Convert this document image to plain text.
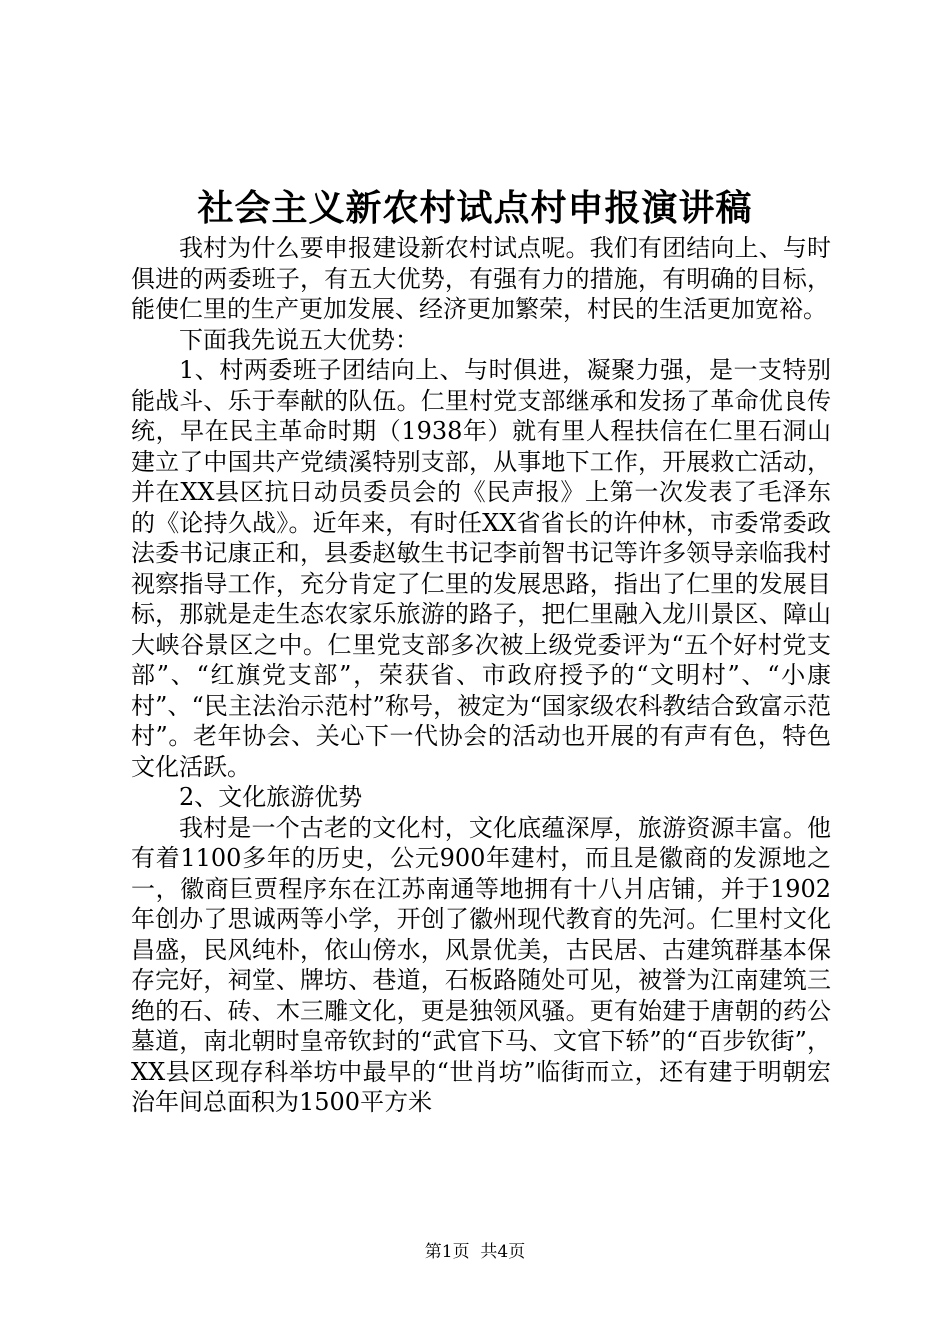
社会主义新农村试点村申报演讲稿

我村为什么要申报建设新农村试点呢。我们有团结向上、与时俱进的两委班子，有五大优势，有强有力的措施，有明确的目标，能使仁里的生产更加发展、经济更加繁荣，村民的生活更加宽裕。

下面我先说五大优势：

1、村两委班子团结向上、与时俱进，凝聚力强，是一支特别能战斗、乐于奉献的队伍。仁里村党支部继承和发扬了革命优良传统，早在民主革命时期（1938年）就有里人程扶信在仁里石洞山建立了中国共产党绩溪特别支部，从事地下工作，开展救亡活动，并在XX县区抗日动员委员会的《民声报》上第一次发表了毛泽东的《论持久战》。近年来，有时任XX省省长的许仲林，市委常委政法委书记康正和，县委赵敏生书记李前智书记等许多领导亲临我村视察指导工作，充分肯定了仁里的发展思路，指出了仁里的发展目标，那就是走生态农家乐旅游的路子，把仁里融入龙川景区、障山大峡谷景区之中。仁里党支部多次被上级党委评为“五个好村党支部”、“红旗党支部”，荣获省、市政府授予的“文明村”、“小康村”、“民主法治示范村”称号，被定为“国家级农科教结合致富示范村”。老年协会、关心下一代协会的活动也开展的有声有色，特色文化活跃。

2、文化旅游优势

我村是一个古老的文化村，文化底蕴深厚，旅游资源丰富。他有着1100多年的历史，公元900年建村，而且是徽商的发源地之一，徽商巨贾程序东在江苏南通等地拥有十八爿店铺，并于1902年创办了思诚两等小学，开创了徽州现代教育的先河。仁里村文化昌盛，民风纯朴，依山傍水，风景优美，古民居、古建筑群基本保存完好，祠堂、牌坊、巷道，石板路随处可见，被誉为江南建筑三绝的石、砖、木三雕文化，更是独领风骚。更有始建于唐朝的药公墓道，南北朝时皇帝钦封的“武官下马、文官下轿”的“百步钦街”，XX县区现存科举坊中最早的“世肖坊”临街而立，还有建于明朝宏治年间总面积为1500平方米

第1页 共4页
